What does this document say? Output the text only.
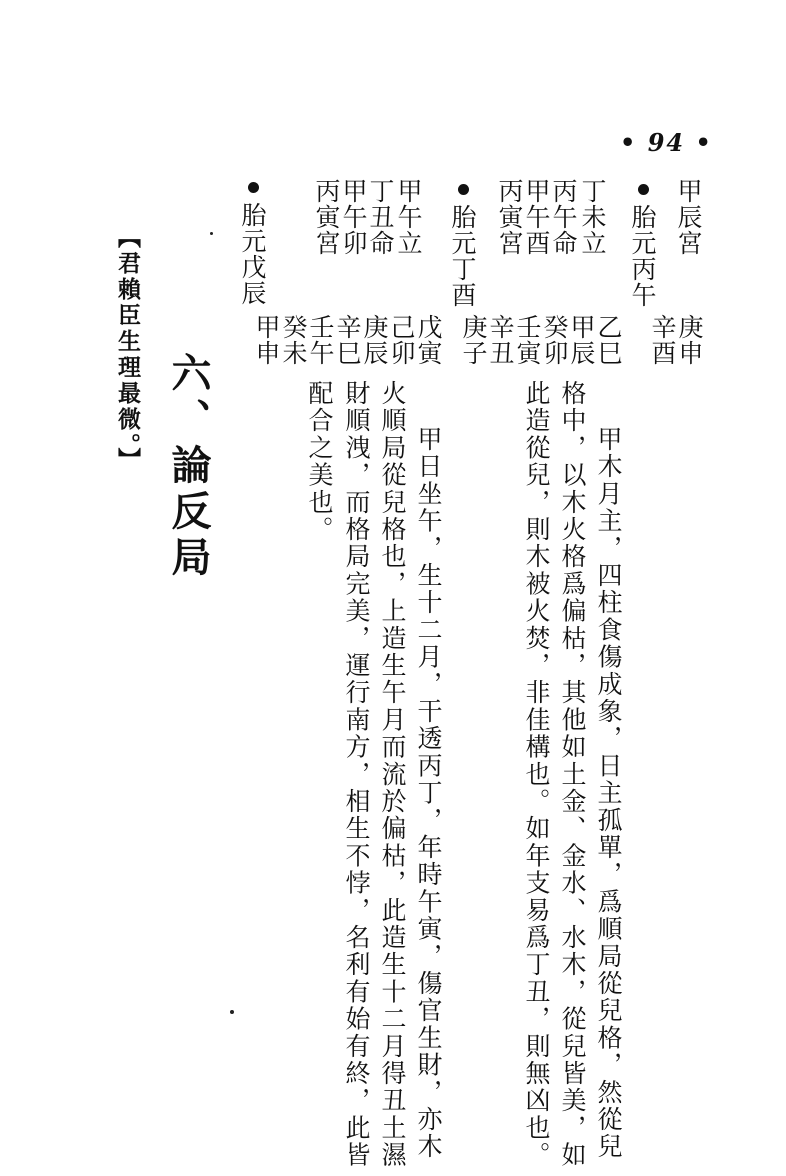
• 94 •
甲辰宮
胎元丙午
丁未立
丙午命
甲午酉
丙寅宮
胎元丁酉
甲午立
丁丑命
甲午卯
丙寅宮
胎元戊辰
庚申
辛酉
乙巳
甲辰
癸卯
壬寅
辛丑
庚子
戊寅
己卯
庚辰
辛巳
壬午
癸未
甲申
甲木月主，四柱食傷成象，日主孤單，爲順局從兒格，然從兒
格中，以木火格爲偏枯，其他如土金、金水、水木，從兒皆美，如
此造從兒，則木被火焚，非佳構也。如年支易爲丁丑，則無凶也。
甲日坐午，生十二月，干透丙丁，年時午寅，傷官生財，亦木
火順局從兒格也，上造生午月而流於偏枯，此造生十二月得丑土濕
財順洩，而格局完美，運行南方，相生不悖，名利有始有終，此皆
配合之美也。
六、論反局
【君賴臣生理最微。】
